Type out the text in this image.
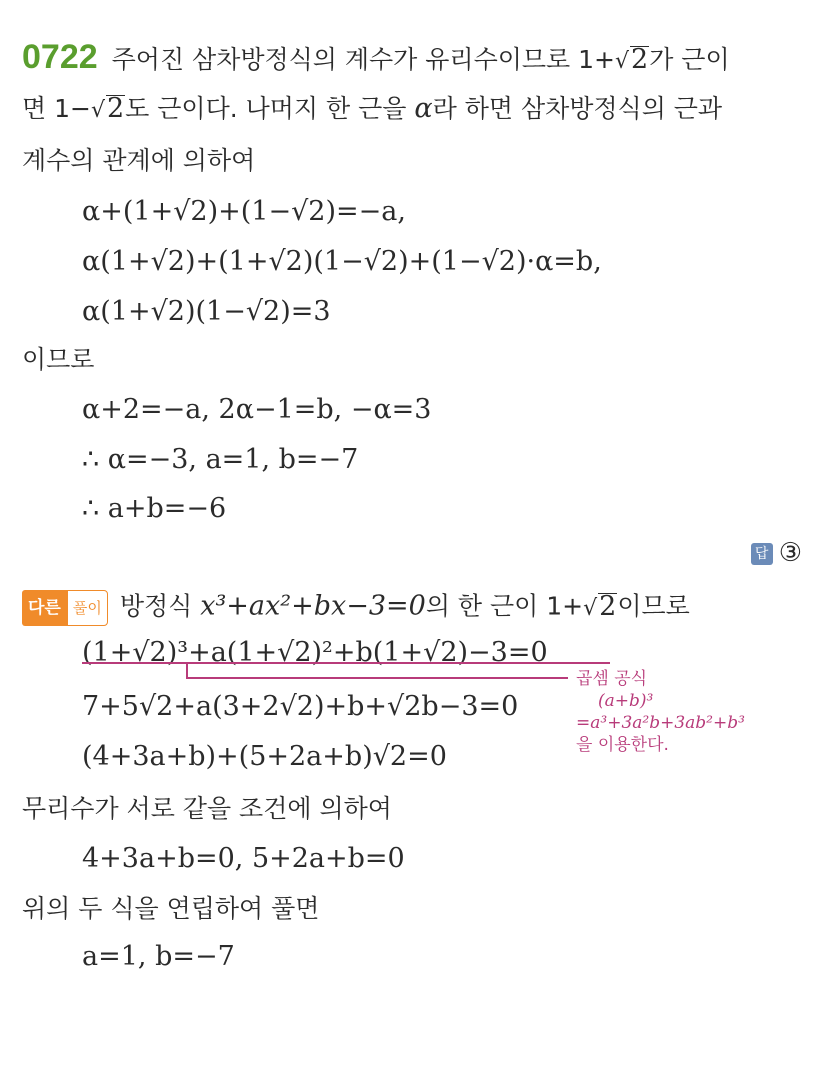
0722 주어진 삼차방정식의 계수가 유리수이므로 1+√2가 근이
면 1−√2도 근이다. 나머지 한 근을 α라 하면 삼차방정식의 근과
계수의 관계에 의하여
α+(1+√2)+(1−√2)=−a,
α(1+√2)+(1+√2)(1−√2)+(1−√2)·α=b,
α(1+√2)(1−√2)=3
이므로
α+2=−a, 2α−1=b, −α=3
∴ α=−3, a=1, b=−7
∴ a+b=−6
답 ③
다른 풀이 방정식 x³+ax²+bx−3=0의 한 근이 1+√2이므로
(1+√2)³+a(1+√2)²+b(1+√2)−3=0
7+5√2+a(3+2√2)+b+√2b−3=0
(4+3a+b)+(5+2a+b)√2=0
곱셈 공식
(a+b)³
=a³+3a²b+3ab²+b³
을 이용한다.
무리수가 서로 같을 조건에 의하여
4+3a+b=0, 5+2a+b=0
위의 두 식을 연립하여 풀면
a=1, b=−7
